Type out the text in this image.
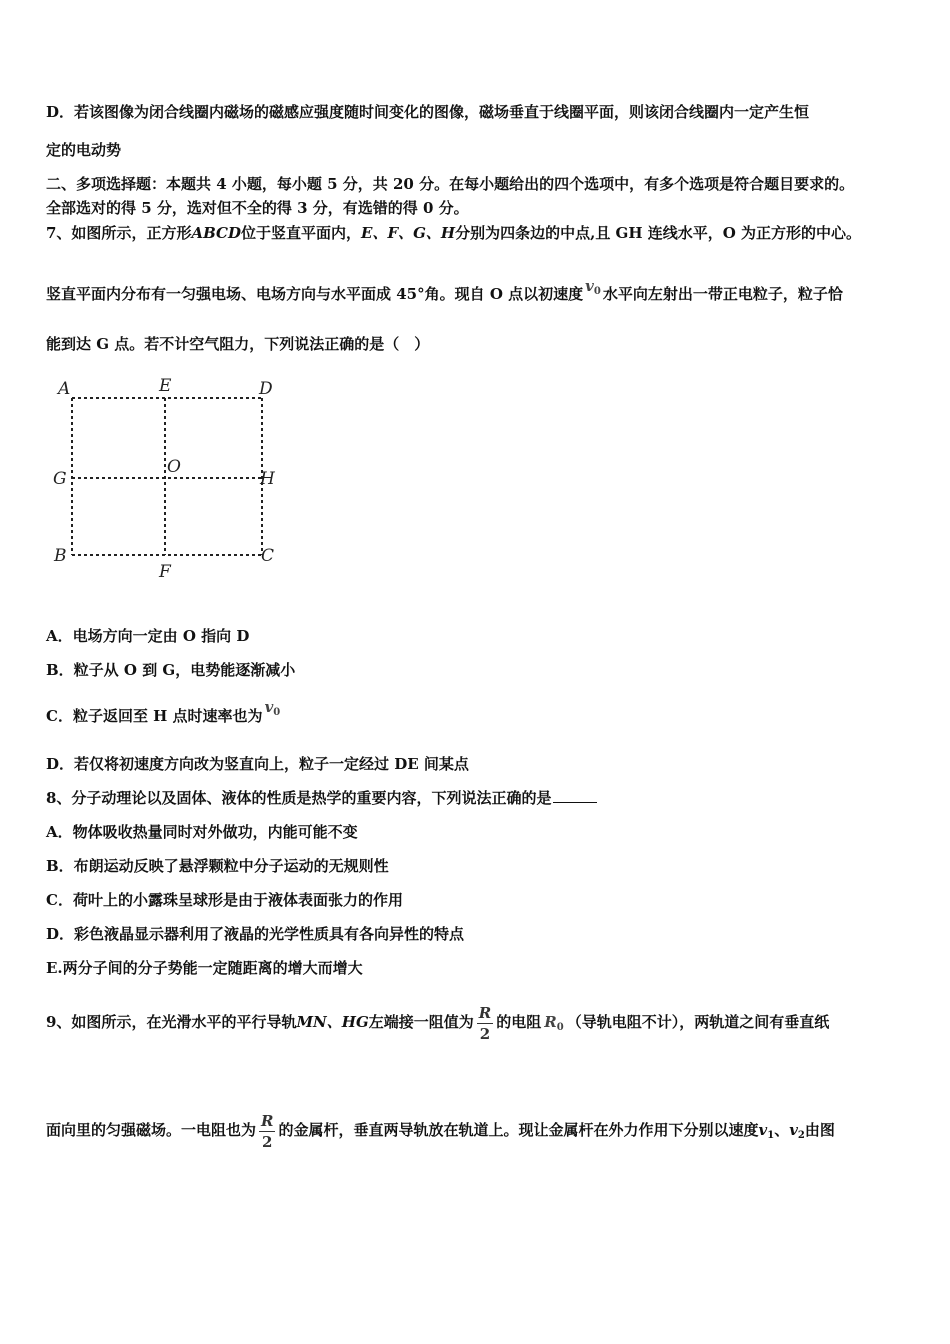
D．若该图像为闭合线圈内磁场的磁感应强度随时间变化的图像，磁场垂直于线圈平面，则该闭合线圈内一定产生恒
定的电动势
二、多项选择题：本题共 4 小题，每小题 5 分，共 20 分。在每小题给出的四个选项中，有多个选项是符合题目要求的。
全部选对的得 5 分，选对但不全的得 3 分，有选错的得 0 分。
7、如图所示，正方形ABCD位于竖直平面内，E、F、G、H分别为四条边的中点,且 GH 连线水平，O 为正方形的中心。
竖直平面内分布有一匀强电场、电场方向与水平面成 45°角。现自 O 点以初速度 $v_0$ 水平向左射出一带正电粒子，粒子恰
能到达 G 点。若不计空气阻力，下列说法正确的是（　）
A	E	D
G
O
H
B
F
C
A．电场方向一定由 O 指向 D
B．粒子从 O 到 G，电势能逐渐减小
C．粒子返回至 H 点时速率也为 $v_0$
D．若仅将初速度方向改为竖直向上，粒子一定经过 DE 间某点
8、分子动理论以及固体、液体的性质是热学的重要内容，下列说法正确的是
A．物体吸收热量同时对外做功，内能可能不变
B．布朗运动反映了悬浮颗粒中分子运动的无规则性
C．荷叶上的小露珠呈球形是由于液体表面张力的作用
D．彩色液晶显示器利用了液晶的光学性质具有各向异性的特点
E.两分子间的分子势能一定随距离的增大而增大
9、如图所示，在光滑水平的平行导轨MN、HG左端接一阻值为 $\frac{R}{2}$ 的电阻 $R_0$ （导轨电阻不计），两轨道之间有垂直纸
面向里的匀强磁场。一电阻也为 $\frac{R}{2}$ 的金属杆，垂直两导轨放在轨道上。现让金属杆在外力作用下分别以速度$v_1$、$v_2$由图
